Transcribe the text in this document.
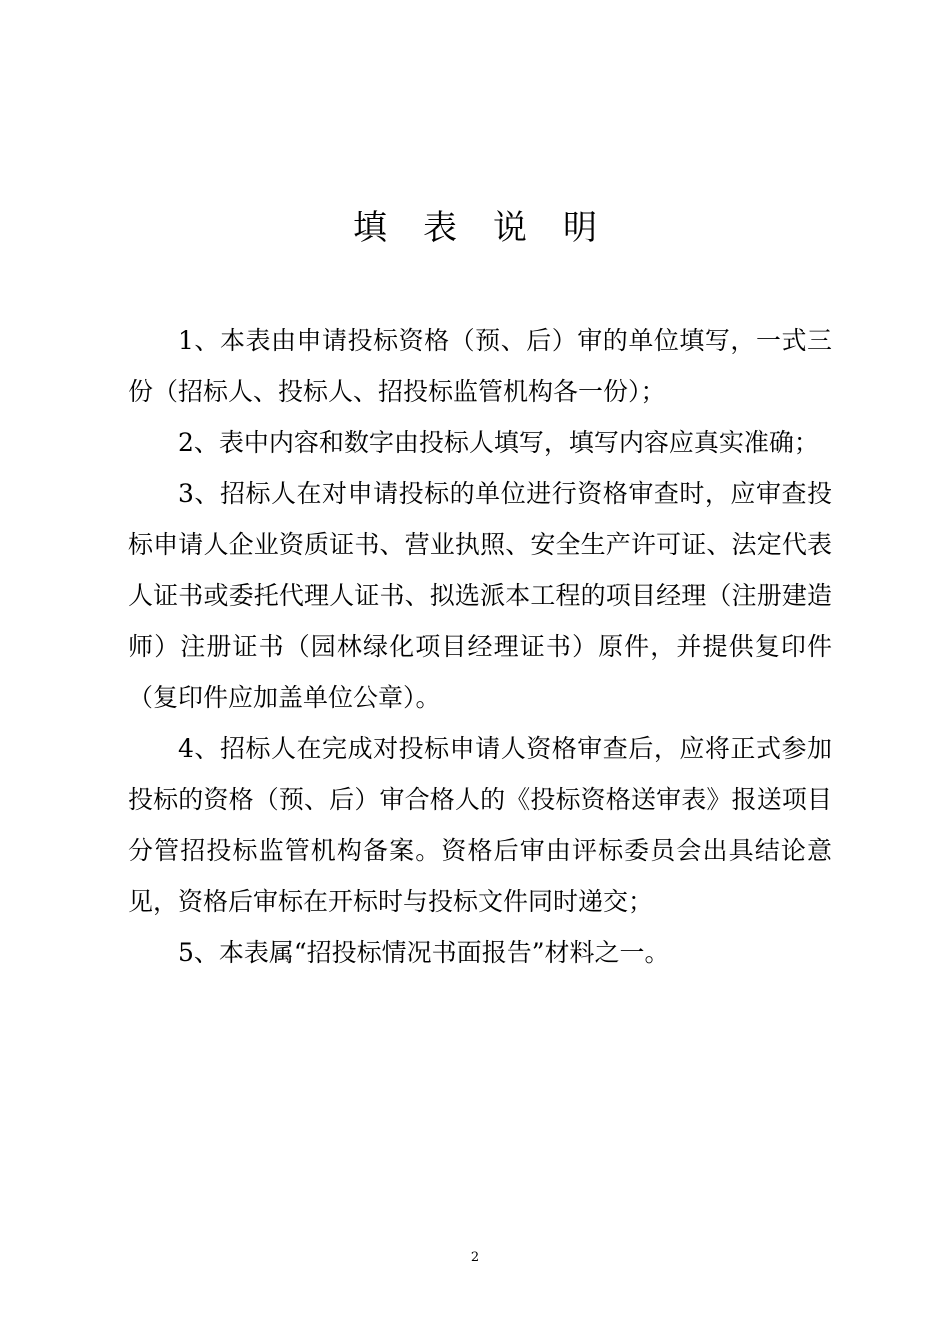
填表说明

1、本表由申请投标资格（预、后）审的单位填写，一式三份（招标人、投标人、招投标监管机构各一份）；

2、表中内容和数字由投标人填写，填写内容应真实准确；

3、招标人在对申请投标的单位进行资格审查时，应审查投标申请人企业资质证书、营业执照、安全生产许可证、法定代表人证书或委托代理人证书、拟选派本工程的项目经理（注册建造师）注册证书（园林绿化项目经理证书）原件，并提供复印件（复印件应加盖单位公章）。

4、招标人在完成对投标申请人资格审查后，应将正式参加投标的资格（预、后）审合格人的《投标资格送审表》报送项目分管招投标监管机构备案。资格后审由评标委员会出具结论意见，资格后审标在开标时与投标文件同时递交；

5、本表属“招投标情况书面报告”材料之一。

2
